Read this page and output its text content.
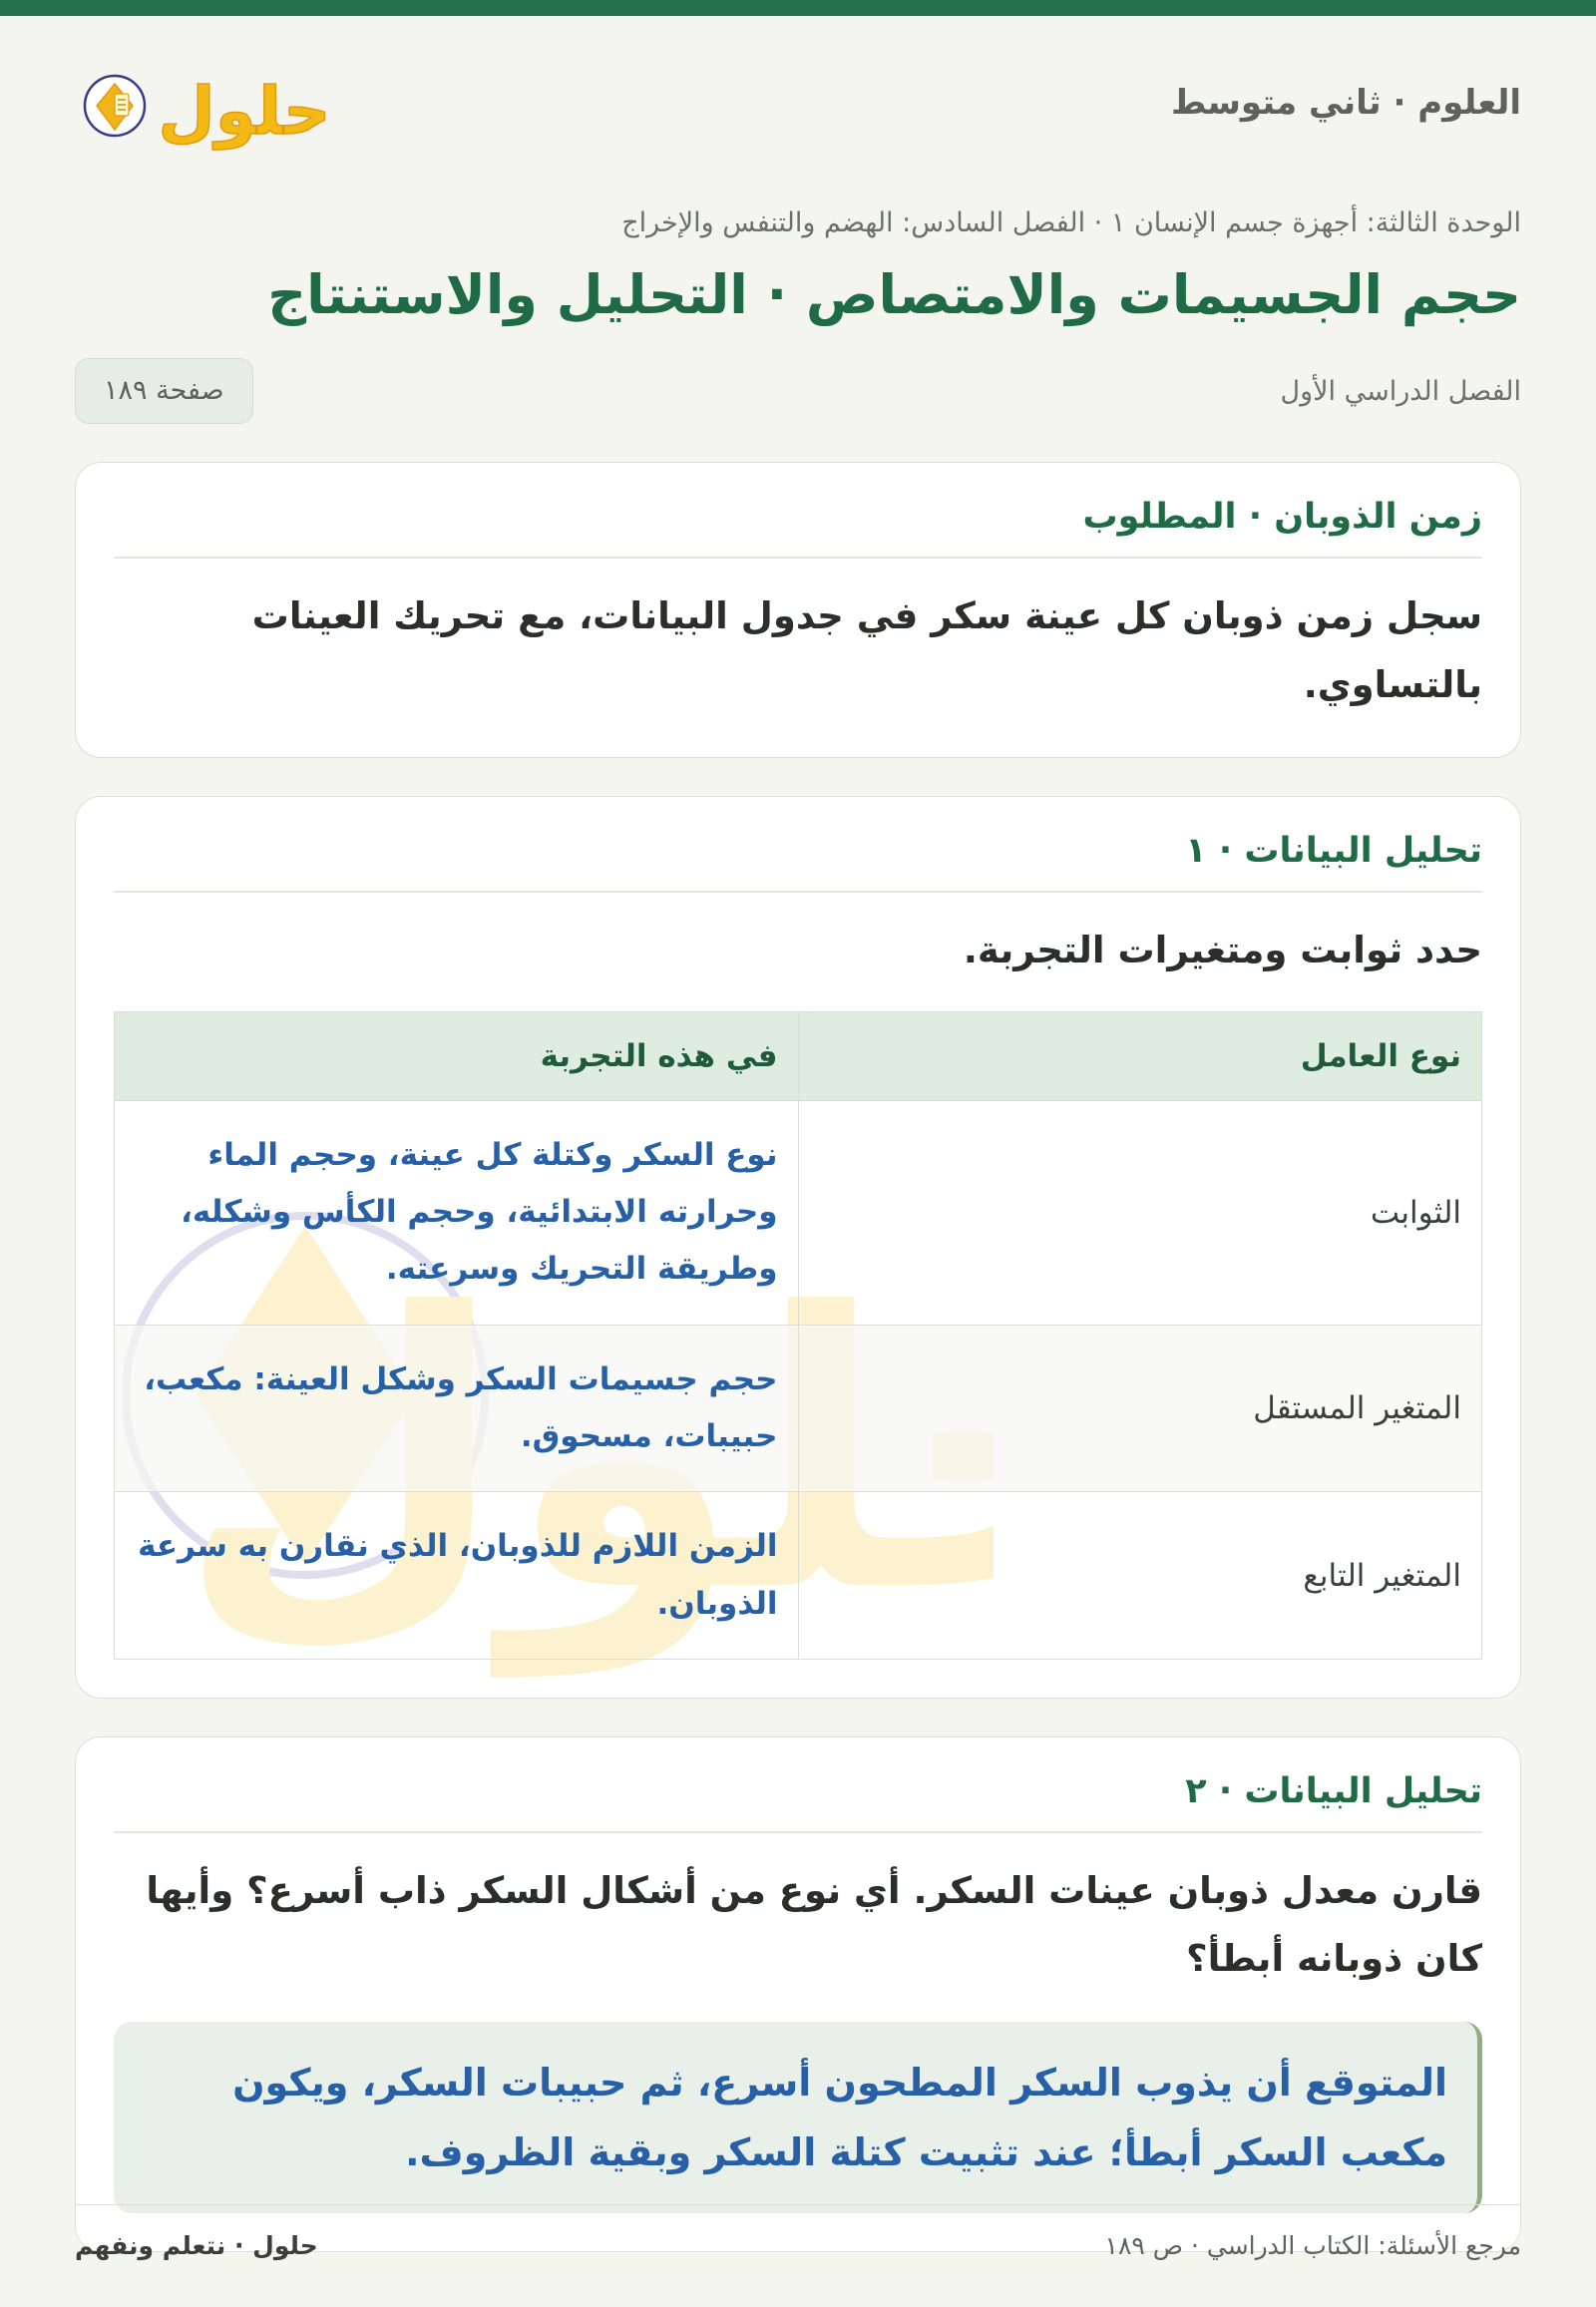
العلوم · ثاني متوسط
حلول
الوحدة الثالثة: أجهزة جسم الإنسان ١ · الفصل السادس: الهضم والتنفس والإخراج
حجم الجسيمات والامتصاص · التحليل والاستنتاج
الفصل الدراسي الأول
صفحة ١٨٩
زمن الذوبان · المطلوب

سجل زمن ذوبان كل عينة سكر في جدول البيانات، مع تحريك العينات بالتساوي.

تحليل البيانات · ١

حدد ثوابت ومتغيرات التجربة.

نوع العامل	في هذه التجربة
الثوابت	نوع السكر وكتلة كل عينة، وحجم الماء وحرارته الابتدائية، وحجم الكأس وشكله، وطريقة التحريك وسرعته.
المتغير المستقل	حجم جسيمات السكر وشكل العينة: مكعب، حبيبات، مسحوق.
المتغير التابع	الزمن اللازم للذوبان، الذي نقارن به سرعة الذوبان.
تحليل البيانات · ٢

قارن معدل ذوبان عينات السكر. أي نوع من أشكال السكر ذاب أسرع؟ وأيها كان ذوبانه أبطأ؟

المتوقع أن يذوب السكر المطحون أسرع، ثم حبيبات السكر، ويكون مكعب السكر أبطأ؛ عند تثبيت كتلة السكر وبقية الظروف.
مرجع الأسئلة: الكتاب الدراسي · ص ١٨٩
حلول · نتعلم ونفهم
